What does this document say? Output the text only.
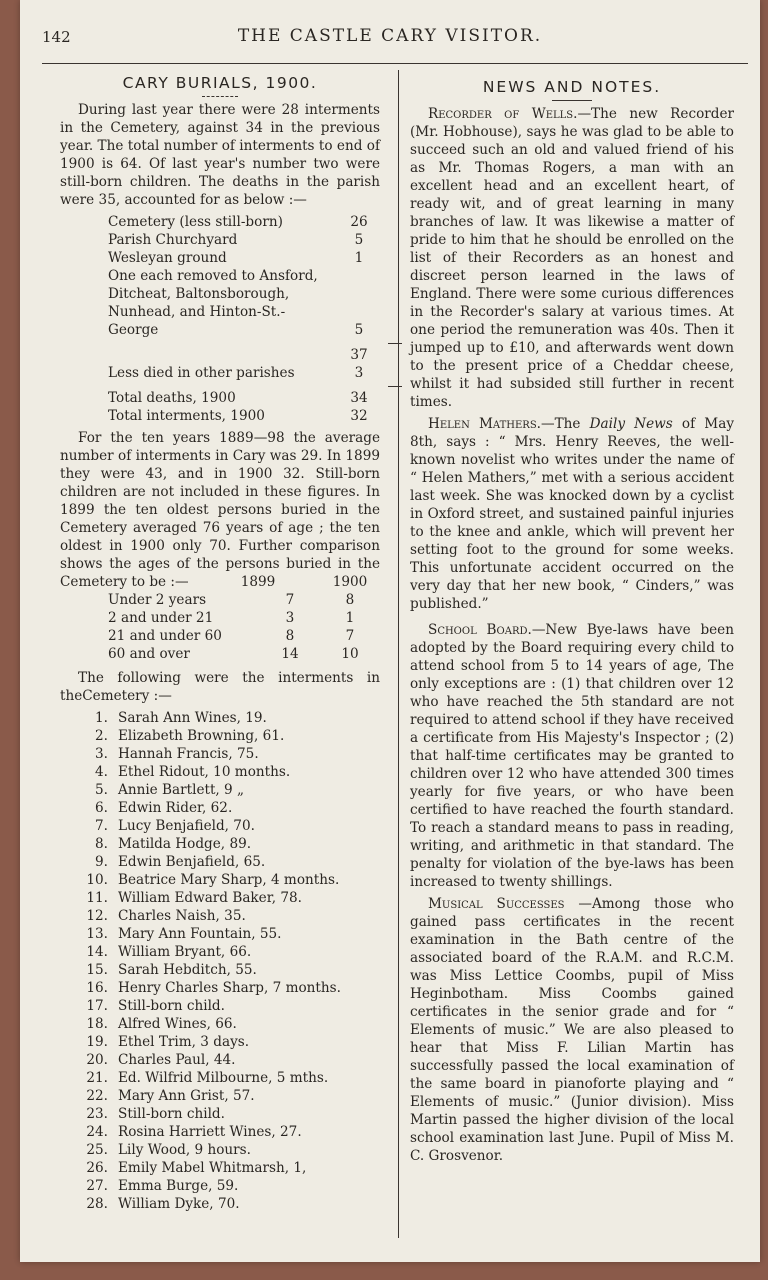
142	THE CASTLE CARY VISITOR.
CARY BURIALS, 1900.

During last year there were 28 interments in the Cemetery, against 34 in the previous year. The total number of interments to end of 1900 is 64. Of last year's number two were still-born children. The deaths in the parish were 35, accounted for as below :—

Cemetery (less still-born)	26
Parish Churchyard	5
Wesleyan ground	1
One each removed to Ansford, Ditcheat, Baltonsborough, Nunhead, and Hinton-St.-George	5
37
Less died in other parishes	3
Total deaths, 1900	34
Total interments, 1900	32

For the ten years 1889—98 the average number of interments in Cary was 29. In 1899 they were 43, and in 1900 32. Still-born children are not included in these figures. In 1899 the ten oldest persons buried in the Cemetery averaged 76 years of age ; the ten oldest in 1900 only 70. Further comparison shows the ages of the persons buried in the Cemetery to be :—	1899	1900
Under 2 years	7	8
2 and under 21	3	1
21 and under 60	8	7
60 and over	14	10

The following were the interments in theCemetery :—

1. Sarah Ann Wines, 19.
2. Elizabeth Browning, 61.
3. Hannah Francis, 75.
4. Ethel Ridout, 10 months.
5. Annie Bartlett, 9 „
6. Edwin Rider, 62.
7. Lucy Benjafield, 70.
8. Matilda Hodge, 89.
9. Edwin Benjafield, 65.
10. Beatrice Mary Sharp, 4 months.
11. William Edward Baker, 78.
12. Charles Naish, 35.
13. Mary Ann Fountain, 55.
14. William Bryant, 66.
15. Sarah Hebditch, 55.
16. Henry Charles Sharp, 7 months.
17. Still-born child.
18. Alfred Wines, 66.
19. Ethel Trim, 3 days.
20. Charles Paul, 44.
21. Ed. Wilfrid Milbourne, 5 mths.
22. Mary Ann Grist, 57.
23. Still-born child.
24. Rosina Harriett Wines, 27.
25. Lily Wood, 9 hours.
26. Emily Mabel Whitmarsh, 1,
27. Emma Burge, 59.
28. William Dyke, 70.
NEWS AND NOTES.

Recorder of Wells.—The new Recorder (Mr. Hobhouse), says he was glad to be able to succeed such an old and valued friend of his as Mr. Thomas Rogers, a man with an excellent head and an excellent heart, of ready wit, and of great learning in many branches of law. It was likewise a matter of pride to him that he should be enrolled on the list of their Recorders as an honest and discreet person learned in the laws of England. There were some curious differences in the Recorder's salary at various times. At one period the remuneration was 40s. Then it jumped up to £10, and afterwards went down to the present price of a Cheddar cheese, whilst it had subsided still further in recent times.

Helen Mathers.—The Daily News of May 8th, says : “ Mrs. Henry Reeves, the well-known novelist who writes under the name of “ Helen Mathers,” met with a serious accident last week. She was knocked down by a cyclist in Oxford street, and sustained painful injuries to the knee and ankle, which will prevent her setting foot to the ground for some weeks. This unfortunate accident occurred on the very day that her new book, “ Cinders,” was published.”

School Board.—New Bye-laws have been adopted by the Board requiring every child to attend school from 5 to 14 years of age, The only exceptions are : (1) that children over 12 who have reached the 5th standard are not required to attend school if they have received a certificate from His Majesty's Inspector ; (2) that half-time certificates may be granted to children over 12 who have attended 300 times yearly for five years, or who have been certified to have reached the fourth standard. To reach a standard means to pass in reading, writing, and arithmetic in that standard. The penalty for violation of the bye-laws has been increased to twenty shillings.

Musical Successes —Among those who gained pass certificates in the recent examination in the Bath centre of the associated board of the R.A.M. and R.C.M. was Miss Lettice Coombs, pupil of Miss Heginbotham. Miss Coombs gained certificates in the senior grade and for “ Elements of music.” We are also pleased to hear that Miss F. Lilian Martin has successfully passed the local examination of the same board in pianoforte playing and “ Elements of music.” (Junior division). Miss Martin passed the higher division of the local school examination last June. Pupil of Miss M. C. Grosvenor.
